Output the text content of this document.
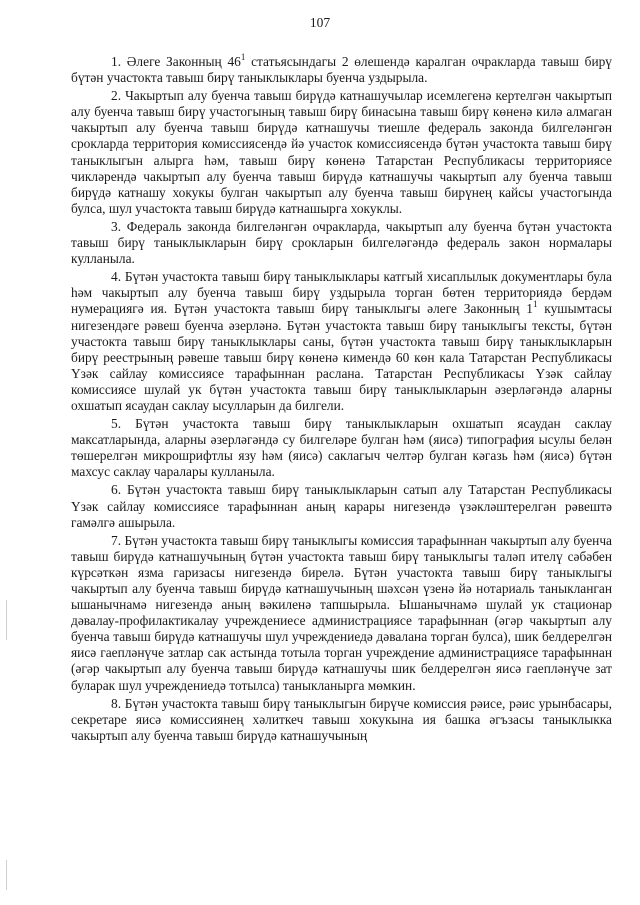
107

1. Әлеге Законның $46^1$ статьясындагы 2 өлешендә каралган очракларда тавыш бирү бүтән участокта тавыш бирү таныклыклары буенча уздырыла.

2. Чакыртып алу буенча тавыш бирүдә катнашучылар исемлегенә кертелгән чакыртып алу буенча тавыш бирү участогының тавыш бирү бинасына тавыш бирү көненә килә алмаган чакыртып алу буенча тавыш бирүдә катнашучы тиешле федераль законда билгеләнгән срокларда территория комиссиясендә йә участок комиссиясендә бүтән участокта тавыш бирү таныклыгын алырга һәм, тавыш бирү көненә Татарстан Республикасы территориясе чикләрендә чакыртып алу буенча тавыш бирүдә катнашучы чакыртып алу буенча тавыш бирүдә катнашу хокукы булган чакыртып алу буенча тавыш бирүнең кайсы участогында булса, шул участокта тавыш бирүдә катнашырга хокуклы.

3. Федераль законда билгеләнгән очракларда, чакыртып алу буенча бүтән участокта тавыш бирү таныклыкларын бирү срокларын билгеләгәндә федераль закон нормалары кулланыла.

4. Бүтән участокта тавыш бирү таныклыклары катгый хисаплылык документлары була һәм чакыртып алу буенча тавыш бирү уздырыла торган бөтен территориядә бердәм нумерациягә ия. Бүтән участокта тавыш бирү таныклыгы әлеге Законның $1^1$ кушымтасы нигезендәге рәвеш буенча әзерләнә. Бүтән участокта тавыш бирү таныклыгы тексты, бүтән участокта тавыш бирү таныклыклары саны, бүтән участокта тавыш бирү таныклыкларын бирү реестрының рәвеше тавыш бирү көненә кимендә 60 көн кала Татарстан Республикасы Үзәк сайлау комиссиясе тарафыннан раслана. Татарстан Республикасы Үзәк сайлау комиссиясе шулай ук бүтән участокта тавыш бирү таныклыкларын әзерләгәндә аларны охшатып ясаудан саклау ысулларын да билгели.

5. Бүтән участокта тавыш бирү таныклыкларын охшатып ясаудан саклау максатларында, аларны әзерләгәндә су билгеләре булган һәм (яисә) типография ысулы белән төшерелгән микрошрифтлы язу һәм (яисә) саклагыч челтәр булган кәгазь һәм (яисә) бүтән махсус саклау чаралары кулланыла.

6. Бүтән участокта тавыш бирү таныклыкларын сатып алу Татарстан Республикасы Үзәк сайлау комиссиясе тарафыннан аның карары нигезендә үзәкләштерелгән рәвештә гамәлгә ашырыла.

7. Бүтән участокта тавыш бирү таныклыгы комиссия тарафыннан чакыртып алу буенча тавыш бирүдә катнашучының бүтән участокта тавыш бирү таныклыгы таләп ителү сәбәбен күрсәткән язма гаризасы нигезендә бирелә. Бүтән участокта тавыш бирү таныклыгы чакыртып алу буенча тавыш бирүдә катнашучының шәхсән үзенә йә нотариаль таныкланган ышанычнамә нигезендә аның вәкиленә тапшырыла. Ышанычнамә шулай ук стационар дәвалау-профилактикалау учреждениесе администрациясе тарафыннан (әгәр чакыртып алу буенча тавыш бирүдә катнашучы шул учреждениедә дәвалана торган булса), шик белдерелгән яисә гаепләнүче затлар сак астында тотыла торган учреждение администрациясе тарафыннан (әгәр чакыртып алу буенча тавыш бирүдә катнашучы шик белдерелгән яисә гаепләнүче зат буларак шул учреждениедә тотылса) таныкланырга мөмкин.

8. Бүтән участокта тавыш бирү таныклыгын бирүче комиссия рәисе, рәис урынбасары, секретаре яисә комиссиянең хәлиткеч тавыш хокукына ия башка әгъзасы таныклыкка чакыртып алу буенча тавыш бирүдә катнашучының
